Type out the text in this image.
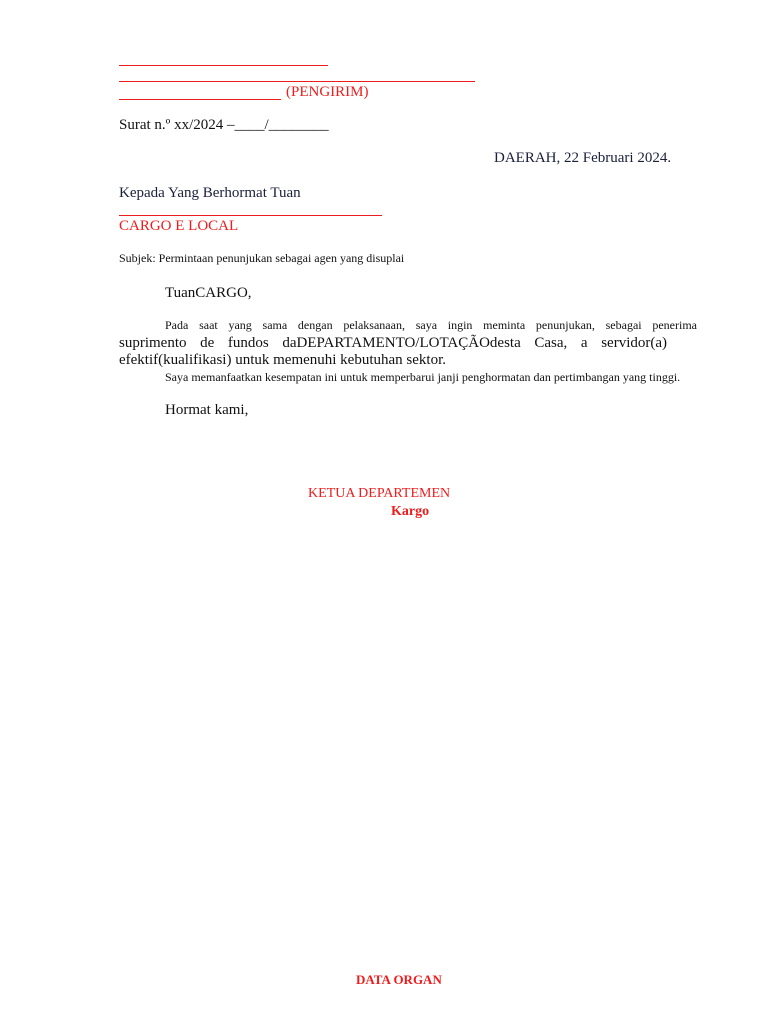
(PENGIRIM)
Surat n.º xx/2024 –____/________
DAERAH, 22 Februari 2024.
Kepada Yang Berhormat Tuan
CARGO E LOCAL
Subjek: Permintaan penunjukan sebagai agen yang disuplai
TuanCARGO,
Pada saat yang sama dengan pelaksanaan, saya ingin meminta penunjukan, sebagai penerima
suprimento de fundos daDEPARTAMENTO/LOTAÇÃOdesta Casa, a servidor(a)
efektif(kualifikasi) untuk memenuhi kebutuhan sektor.
Saya memanfaatkan kesempatan ini untuk memperbarui janji penghormatan dan pertimbangan yang tinggi.
Hormat kami,
KETUA DEPARTEMEN
Kargo
DATA ORGAN
